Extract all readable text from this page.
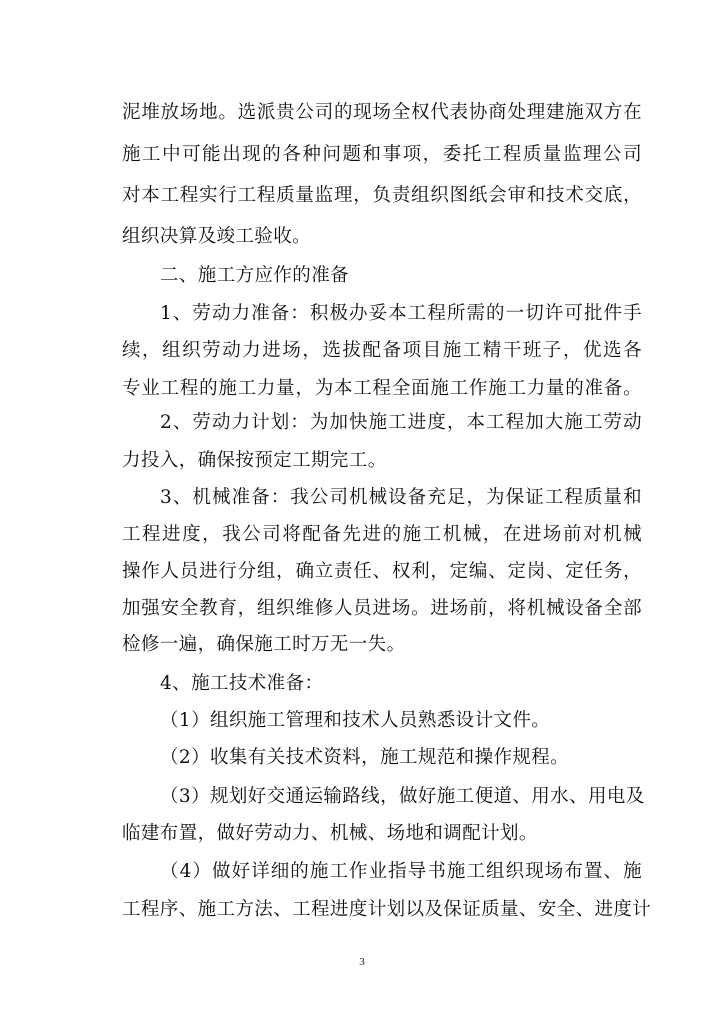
泥堆放场地。选派贵公司的现场全权代表协商处理建施双方在
施工中可能出现的各种问题和事项，委托工程质量监理公司
对本工程实行工程质量监理，负责组织图纸会审和技术交底，
组织决算及竣工验收。
二、施工方应作的准备
1、劳动力准备：积极办妥本工程所需的一切许可批件手
续，组织劳动力进场，选拔配备项目施工精干班子，优选各
专业工程的施工力量，为本工程全面施工作施工力量的准备。
2、劳动力计划：为加快施工进度，本工程加大施工劳动
力投入，确保按预定工期完工。
3、机械准备：我公司机械设备充足，为保证工程质量和
工程进度，我公司将配备先进的施工机械，在进场前对机械
操作人员进行分组，确立责任、权利，定编、定岗、定任务，
加强安全教育，组织维修人员进场。进场前，将机械设备全部
检修一遍，确保施工时万无一失。
4、施工技术准备：
（1）组织施工管理和技术人员熟悉设计文件。
（2）收集有关技术资料，施工规范和操作规程。
（3）规划好交通运输路线，做好施工便道、用水、用电及
临建布置，做好劳动力、机械、场地和调配计划。
（4）做好详细的施工作业指导书施工组织现场布置、施
工程序、施工方法、工程进度计划以及保证质量、安全、进度计
3
